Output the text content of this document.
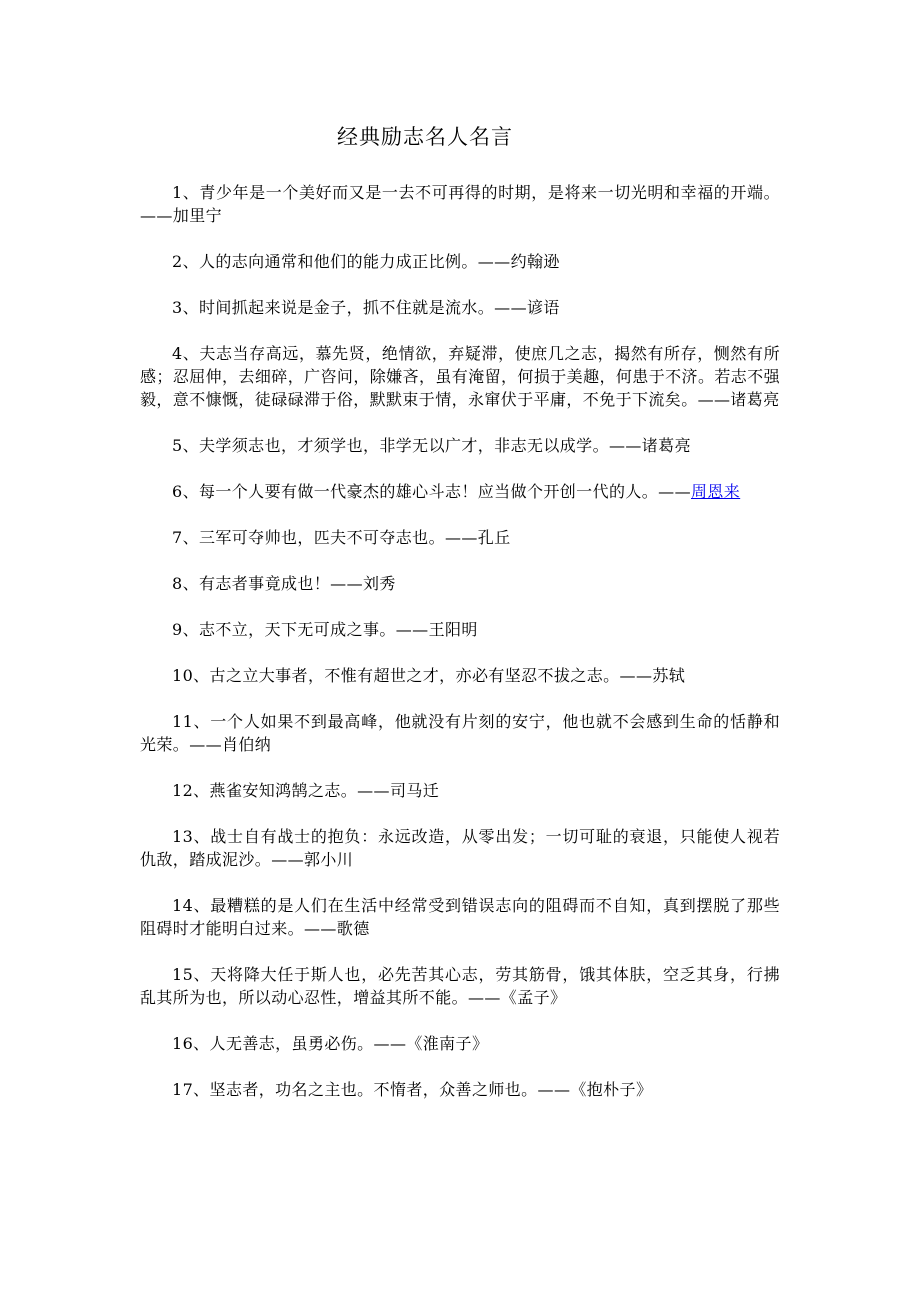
经典励志名人名言

1、青少年是一个美好而又是一去不可再得的时期，是将来一切光明和幸福的开端。——加里宁

2、人的志向通常和他们的能力成正比例。——约翰逊

3、时间抓起来说是金子，抓不住就是流水。——谚语

4、夫志当存高远，慕先贤，绝情欲，弃疑滞，使庶几之志，揭然有所存，恻然有所感；忍屈伸，去细碎，广咨问，除嫌吝，虽有淹留，何损于美趣，何患于不济。若志不强毅，意不慷慨，徒碌碌滞于俗，默默束于情，永窜伏于平庸，不免于下流矣。——诸葛亮

5、夫学须志也，才须学也，非学无以广才，非志无以成学。——诸葛亮

6、每一个人要有做一代豪杰的雄心斗志！应当做个开创一代的人。——周恩来

7、三军可夺帅也，匹夫不可夺志也。——孔丘

8、有志者事竟成也！——刘秀

9、志不立，天下无可成之事。——王阳明

10、古之立大事者，不惟有超世之才，亦必有坚忍不拔之志。——苏轼

11、一个人如果不到最高峰，他就没有片刻的安宁，他也就不会感到生命的恬静和光荣。——肖伯纳

12、燕雀安知鸿鹄之志。——司马迁

13、战士自有战士的抱负：永远改造，从零出发；一切可耻的衰退，只能使人视若仇敌，踏成泥沙。——郭小川

14、最糟糕的是人们在生活中经常受到错误志向的阻碍而不自知，真到摆脱了那些阻碍时才能明白过来。——歌德

15、天将降大任于斯人也，必先苦其心志，劳其筋骨，饿其体肤，空乏其身，行拂乱其所为也，所以动心忍性，增益其所不能。——《孟子》

16、人无善志，虽勇必伤。——《淮南子》

17、坚志者，功名之主也。不惰者，众善之师也。——《抱朴子》
